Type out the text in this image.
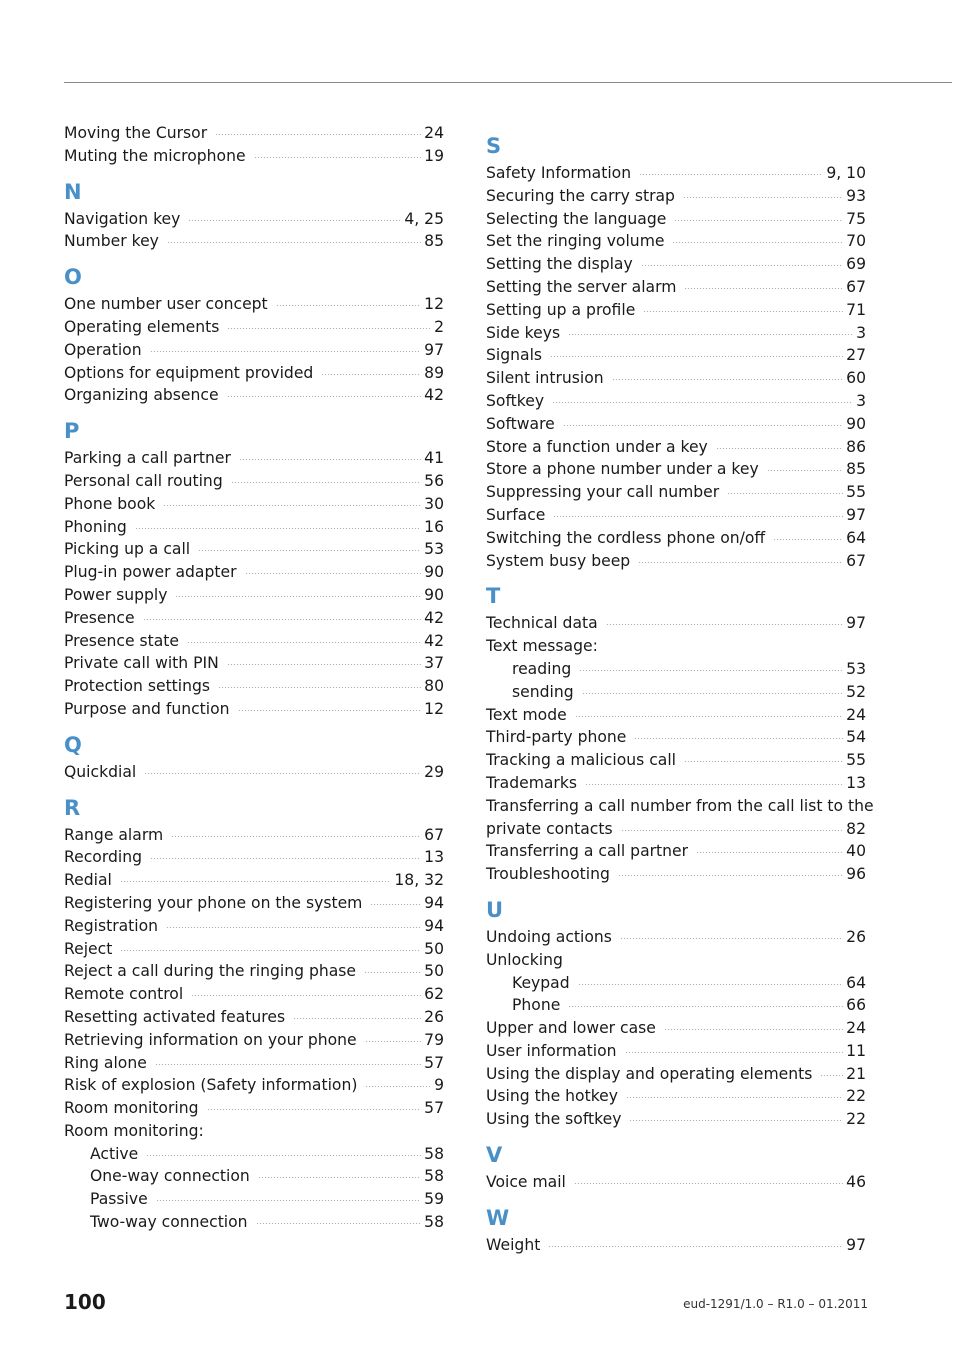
Moving the Cursor	24
Muting the microphone	19
N
Navigation key	4, 25
Number key	85
O
One number user concept	12
Operating elements	2
Operation	97
Options for equipment provided	89
Organizing absence	42
P
Parking a call partner	41
Personal call routing	56
Phone book	30
Phoning	16
Picking up a call	53
Plug-in power adapter	90
Power supply	90
Presence	42
Presence state	42
Private call with PIN	37
Protection settings	80
Purpose and function	12
Q
Quickdial	29
R
Range alarm	67
Recording	13
Redial	18, 32
Registering your phone on the system	94
Registration	94
Reject	50
Reject a call during the ringing phase	50
Remote control	62
Resetting activated features	26
Retrieving information on your phone	79
Ring alone	57
Risk of explosion (Safety information)	9
Room monitoring	57
Room monitoring:
Active	58
One-way connection	58
Passive	59
Two-way connection	58
S
Safety Information	9, 10
Securing the carry strap	93
Selecting the language	75
Set the ringing volume	70
Setting the display	69
Setting the server alarm	67
Setting up a profile	71
Side keys	3
Signals	27
Silent intrusion	60
Softkey	3
Software	90
Store a function under a key	86
Store a phone number under a key	85
Suppressing your call number	55
Surface	97
Switching the cordless phone on/off	64
System busy beep	67
T
Technical data	97
Text message:
reading	53
sending	52
Text mode	24
Third-party phone	54
Tracking a malicious call	55
Trademarks	13
Transferring a call number from the call list to the
private contacts	82
Transferring a call partner	40
Troubleshooting	96
U
Undoing actions	26
Unlocking
Keypad	64
Phone	66
Upper and lower case	24
User information	11
Using the display and operating elements 21
Using the hotkey	22
Using the softkey	22
V
Voice mail	46
W
Weight	97
100	eud-1291/1.0 – R1.0 – 01.2011
